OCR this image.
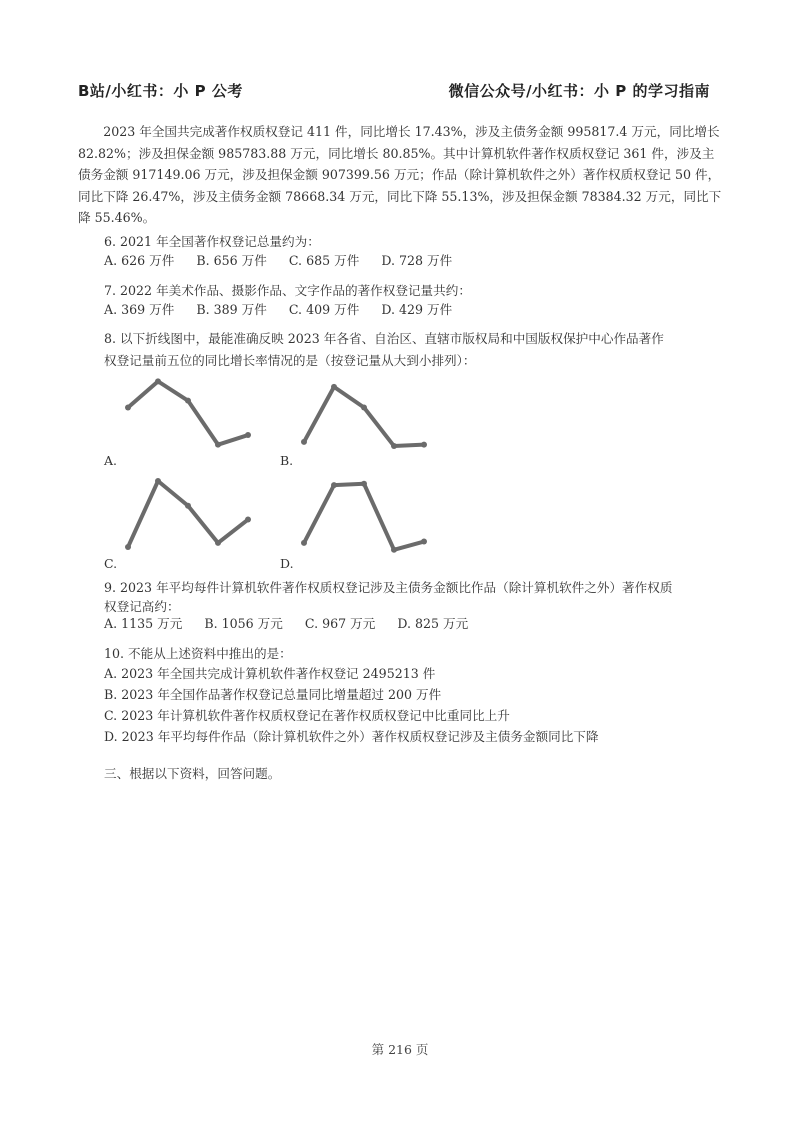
B站/小红书：小 P 公考	微信公众号/小红书：小 P 的学习指南
2023 年全国共完成著作权质权登记 411 件，同比增长 17.43%，涉及主债务金额 995817.4 万元，同比增长 82.82%；涉及担保金额 985783.88 万元，同比增长 80.85%。其中计算机软件著作权质权登记 361 件，涉及主债务金额 917149.06 万元，涉及担保金额 907399.56 万元；作品（除计算机软件之外）著作权质权登记 50 件，同比下降 26.47%，涉及主债务金额 78668.34 万元，同比下降 55.13%，涉及担保金额 78384.32 万元，同比下降 55.46%。
6. 2021 年全国著作权登记总量约为：
A. 626 万件 B. 656 万件 C. 685 万件 D. 728 万件
7. 2022 年美术作品、摄影作品、文字作品的著作权登记量共约：
A. 369 万件 B. 389 万件 C. 409 万件 D. 429 万件
8. 以下折线图中，最能准确反映 2023 年各省、自治区、直辖市版权局和中国版权保护中心作品著作
权登记量前五位的同比增长率情况的是（按登记量从大到小排列）：
A.	B.
C.	D.
9. 2023 年平均每件计算机软件著作权质权登记涉及主债务金额比作品（除计算机软件之外）著作权质
权登记高约：
A. 1135 万元 B. 1056 万元 C. 967 万元 D. 825 万元
10. 不能从上述资料中推出的是：
A. 2023 年全国共完成计算机软件著作权登记 2495213 件
B. 2023 年全国作品著作权登记总量同比增量超过 200 万件
C. 2023 年计算机软件著作权质权登记在著作权质权登记中比重同比上升
D. 2023 年平均每件作品（除计算机软件之外）著作权质权登记涉及主债务金额同比下降
三、根据以下资料，回答问题。
第 216 页
